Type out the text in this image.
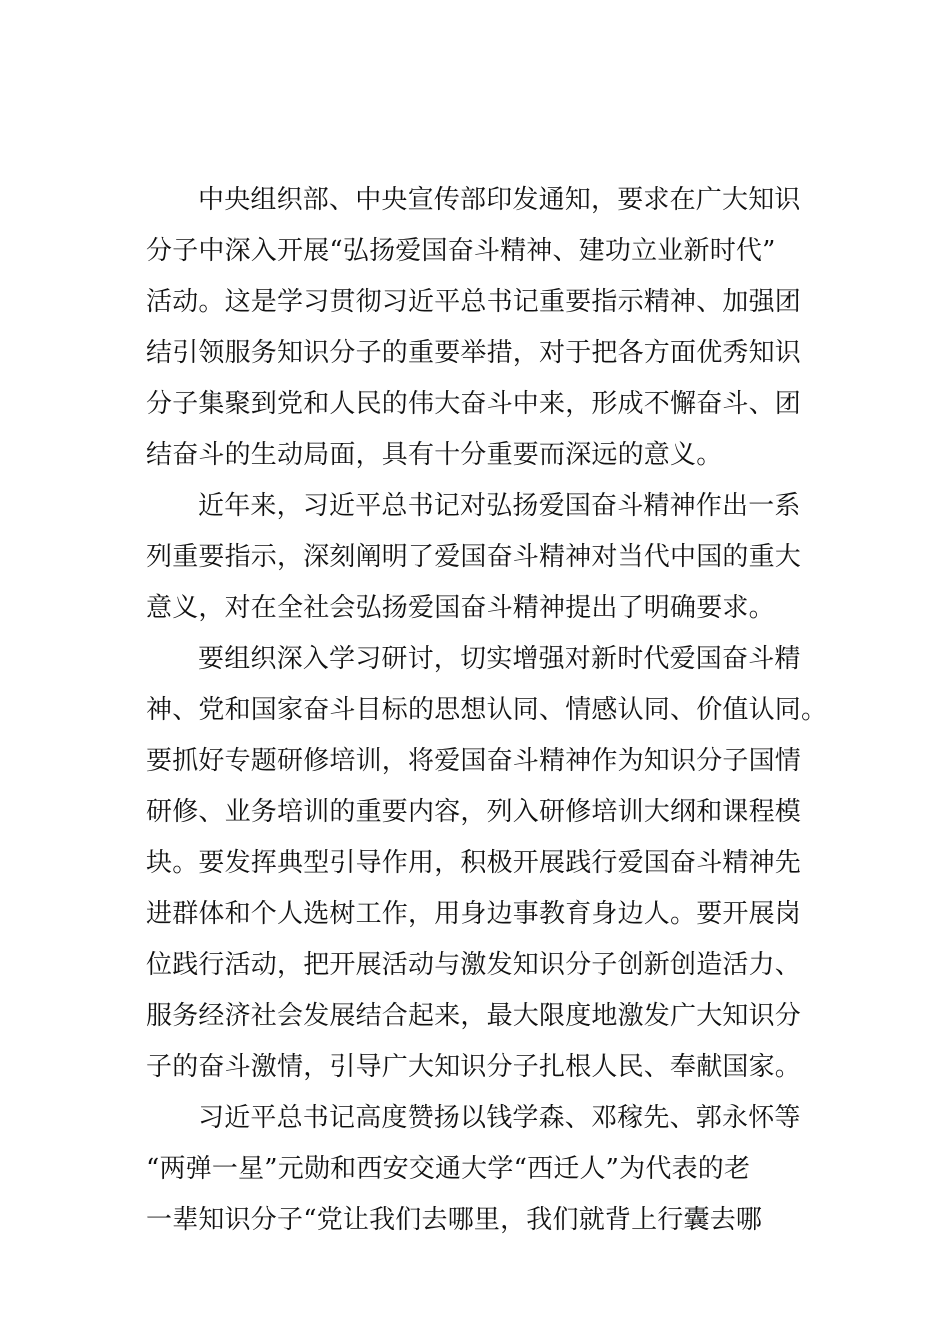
中央组织部、中央宣传部印发通知，要求在广大知识
分子中深入开展“弘扬爱国奋斗精神、建功立业新时代”
活动。这是学习贯彻习近平总书记重要指示精神、加强团
结引领服务知识分子的重要举措，对于把各方面优秀知识
分子集聚到党和人民的伟大奋斗中来，形成不懈奋斗、团
结奋斗的生动局面，具有十分重要而深远的意义。
近年来，习近平总书记对弘扬爱国奋斗精神作出一系
列重要指示，深刻阐明了爱国奋斗精神对当代中国的重大
意义，对在全社会弘扬爱国奋斗精神提出了明确要求。
要组织深入学习研讨，切实增强对新时代爱国奋斗精
神、党和国家奋斗目标的思想认同、情感认同、价值认同。
要抓好专题研修培训，将爱国奋斗精神作为知识分子国情
研修、业务培训的重要内容，列入研修培训大纲和课程模
块。要发挥典型引导作用，积极开展践行爱国奋斗精神先
进群体和个人选树工作，用身边事教育身边人。要开展岗
位践行活动，把开展活动与激发知识分子创新创造活力、
服务经济社会发展结合起来，最大限度地激发广大知识分
子的奋斗激情，引导广大知识分子扎根人民、奉献国家。
习近平总书记高度赞扬以钱学森、邓稼先、郭永怀等
“两弹一星”元勋和西安交通大学“西迁人”为代表的老
一辈知识分子“党让我们去哪里，我们就背上行囊去哪
